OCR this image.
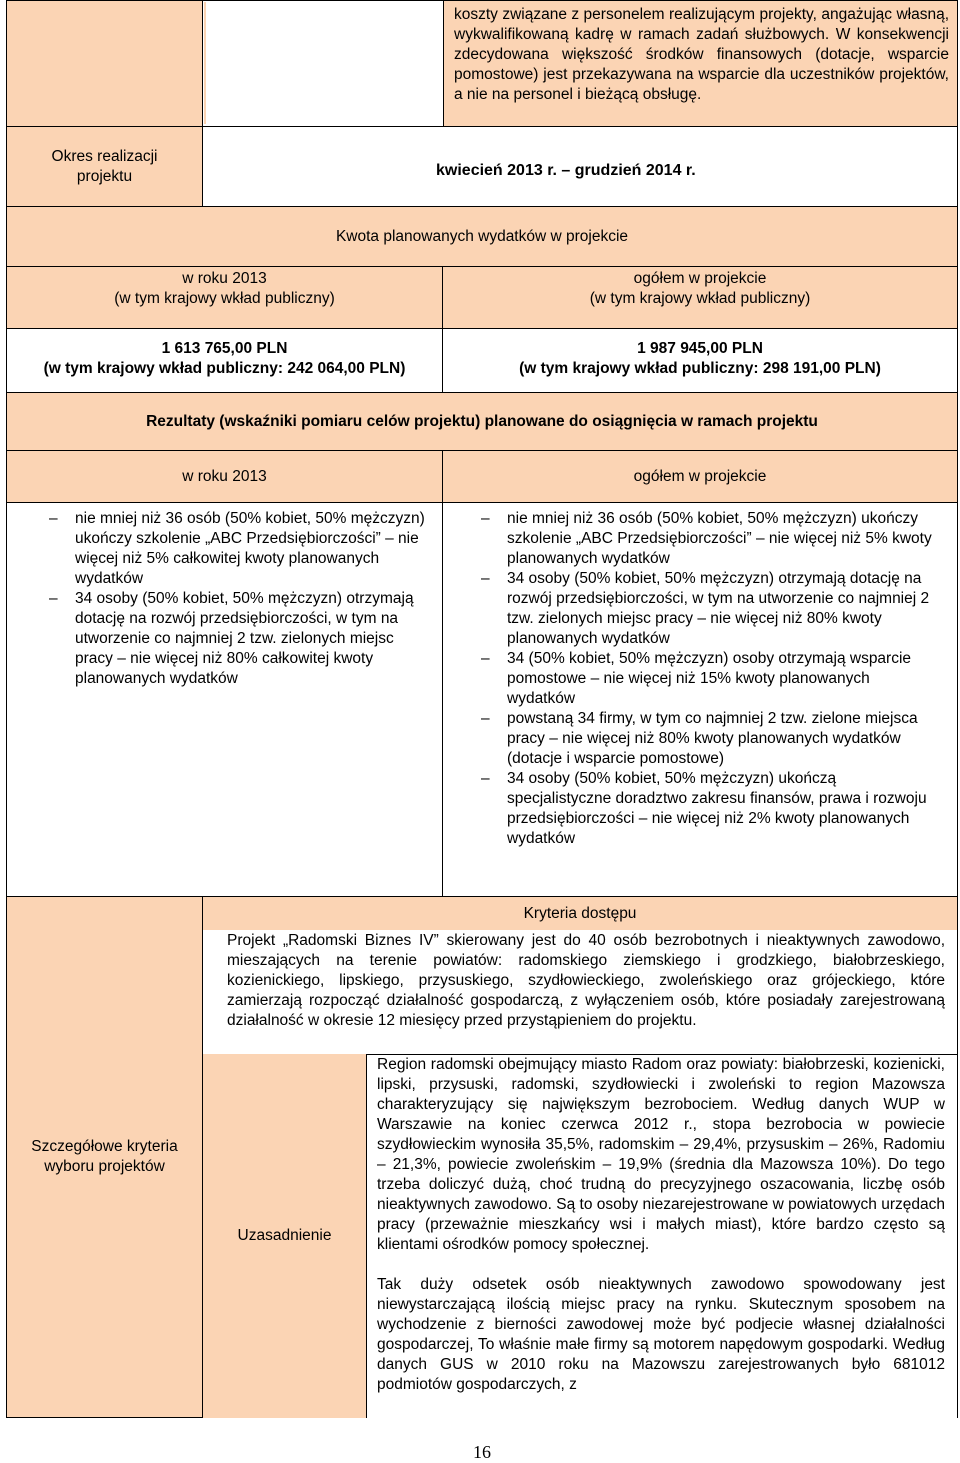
koszty związane z personelem realizującym projekty, angażując własną, wykwalifikowaną kadrę w ramach zadań służbowych. W konsekwencji zdecydowana większość środków finansowych (dotacje, wsparcie pomostowe) jest przekazywana na wsparcie dla uczestników projektów, a nie na personel i bieżącą obsługę.
Okres realizacji projektu	kwiecień 2013 r. – grudzień 2014 r.
Kwota planowanych wydatków w projekcie
w roku 2013
(w tym krajowy wkład publiczny)
ogółem w projekcie
(w tym krajowy wkład publiczny)
1 613 765,00 PLN
(w tym krajowy wkład publiczny: 242 064,00 PLN)
1 987 945,00 PLN
(w tym krajowy wkład publiczny: 298 191,00 PLN)
Rezultaty (wskaźniki pomiaru celów projektu) planowane do osiągnięcia w ramach projektu
w roku 2013	ogółem w projekcie
– nie mniej niż 36 osób (50% kobiet, 50% mężczyzn) ukończy szkolenie „ABC Przedsiębiorczości” – nie więcej niż 5% całkowitej kwoty planowanych wydatków
– 34 osoby (50% kobiet, 50% mężczyzn) otrzymają dotację na rozwój przedsiębiorczości, w tym na utworzenie co najmniej 2 tzw. zielonych miejsc pracy – nie więcej niż 80% całkowitej kwoty planowanych wydatków
– nie mniej niż 36 osób (50% kobiet, 50% mężczyzn) ukończy szkolenie „ABC Przedsiębiorczości” – nie więcej niż 5% kwoty planowanych wydatków
– 34 osoby (50% kobiet, 50% mężczyzn) otrzymają dotację na rozwój przedsiębiorczości, w tym na utworzenie co najmniej 2 tzw. zielonych miejsc pracy – nie więcej niż 80% kwoty planowanych wydatków
– 34 (50% kobiet, 50% mężczyzn) osoby otrzymają wsparcie pomostowe – nie więcej niż 15% kwoty planowanych wydatków
– powstaną 34 firmy, w tym co najmniej 2 tzw. zielone miejsca pracy – nie więcej niż 80% kwoty planowanych wydatków (dotacje i wsparcie pomostowe)
– 34 osoby (50% kobiet, 50% mężczyzn) ukończą specjalistyczne doradztwo zakresu finansów, prawa i rozwoju przedsiębiorczości – nie więcej niż 2% kwoty planowanych wydatków
Szczegółowe kryteria wyboru projektów
Kryteria dostępu
Projekt „Radomski Biznes IV” skierowany jest do 40 osób bezrobotnych i nieaktywnych zawodowo, mieszających na terenie powiatów: radomskiego ziemskiego i grodzkiego, białobrzeskiego, kozienickiego, lipskiego, przysuskiego, szydłowieckiego, zwoleńskiego oraz grójeckiego, które zamierzają rozpocząć działalność gospodarczą, z wyłączeniem osób, które posiadały zarejestrowaną działalność w okresie 12 miesięcy przed przystąpieniem do projektu.
Uzasadnienie

Region radomski obejmujący miasto Radom oraz powiaty: białobrzeski, kozienicki, lipski, przysuski, radomski, szydłowiecki i zwoleński to region Mazowsza charakteryzujący się największym bezrobociem. Według danych WUP w Warszawie na koniec czerwca 2012 r., stopa bezrobocia w powiecie szydłowieckim wynosiła 35,5%, radomskim – 29,4%, przysuskim – 26%, Radomiu – 21,3%, powiecie zwoleńskim – 19,9% (średnia dla Mazowsza 10%). Do tego trzeba doliczyć dużą, choć trudną do precyzyjnego oszacowania, liczbę osób nieaktywnych zawodowo. Są to osoby niezarejestrowane w powiatowych urzędach pracy (przeważnie mieszkańcy wsi i małych miast), które bardzo często są klientami ośrodków pomocy społecznej.

Tak duży odsetek osób nieaktywnych zawodowo spowodowany jest niewystarczającą ilością miejsc pracy na rynku. Skutecznym sposobem na wychodzenie z bierności zawodowej może być podjecie własnej działalności gospodarczej, To właśnie małe firmy są motorem napędowym gospodarki. Według danych GUS w 2010 roku na Mazowszu zarejestrowanych było 681012 podmiotów gospodarczych, z

16
